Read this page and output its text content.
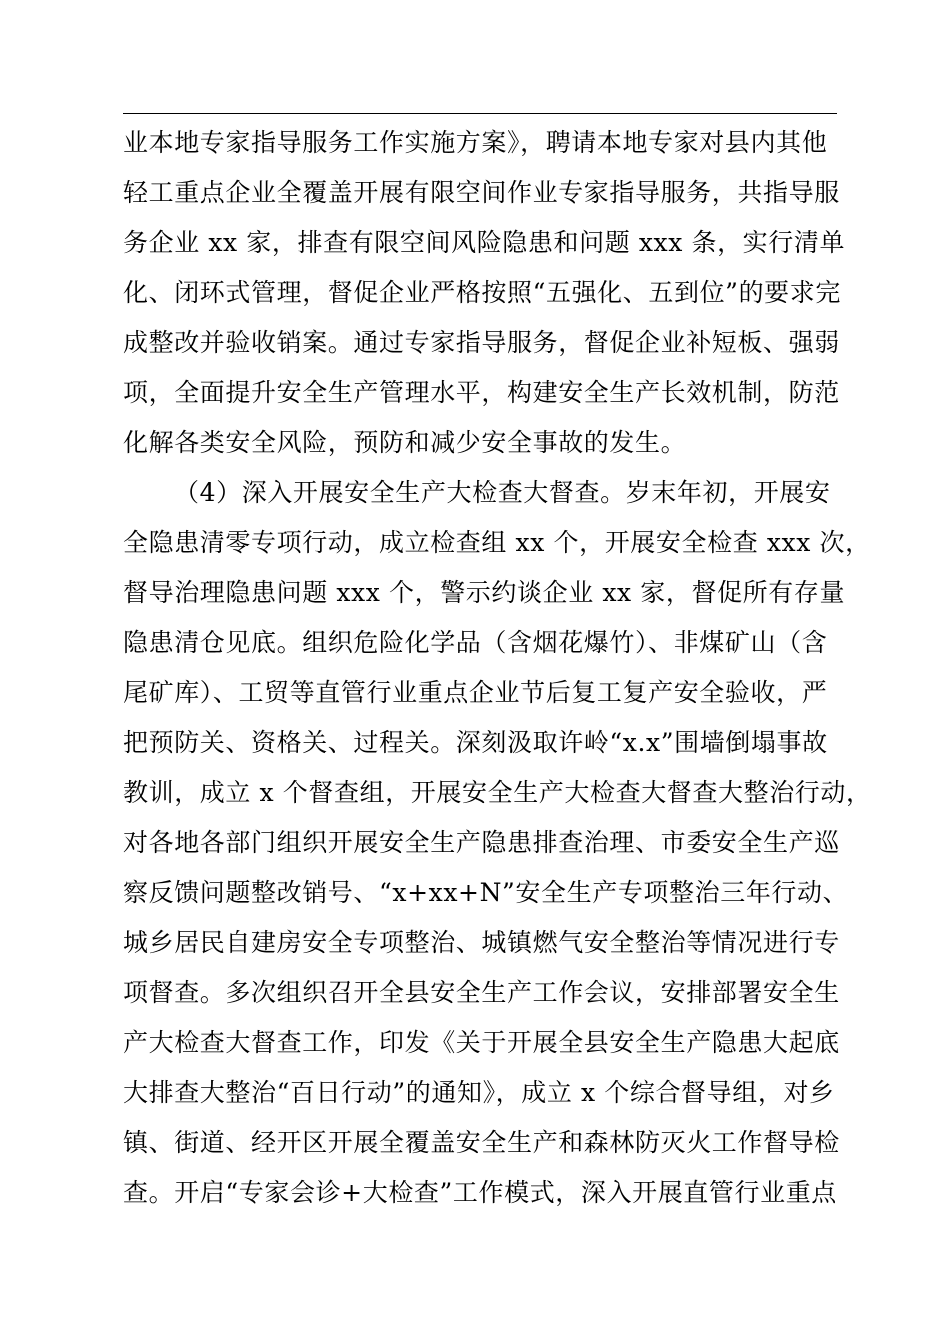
业本地专家指导服务工作实施方案》，聘请本地专家对县内其他
轻工重点企业全覆盖开展有限空间作业专家指导服务，共指导服
务企业 xx 家，排查有限空间风险隐患和问题 xxx 条，实行清单
化、闭环式管理，督促企业严格按照“五强化、五到位”的要求完
成整改并验收销案。通过专家指导服务，督促企业补短板、强弱
项，全面提升安全生产管理水平，构建安全生产长效机制，防范
化解各类安全风险，预防和减少安全事故的发生。
（4）深入开展安全生产大检查大督查。岁末年初，开展安
全隐患清零专项行动，成立检查组 xx 个，开展安全检查 xxx 次，
督导治理隐患问题 xxx 个，警示约谈企业 xx 家，督促所有存量
隐患清仓见底。组织危险化学品（含烟花爆竹）、非煤矿山（含
尾矿库）、工贸等直管行业重点企业节后复工复产安全验收，严
把预防关、资格关、过程关。深刻汲取许岭“x.x”围墙倒塌事故
教训，成立 x 个督查组，开展安全生产大检查大督查大整治行动，
对各地各部门组织开展安全生产隐患排查治理、市委安全生产巡
察反馈问题整改销号、“x+xx+N”安全生产专项整治三年行动、
城乡居民自建房安全专项整治、城镇燃气安全整治等情况进行专
项督查。多次组织召开全县安全生产工作会议，安排部署安全生
产大检查大督查工作，印发《关于开展全县安全生产隐患大起底
大排查大整治“百日行动”的通知》，成立 x 个综合督导组，对乡
镇、街道、经开区开展全覆盖安全生产和森林防灭火工作督导检
查。开启“专家会诊+大检查”工作模式，深入开展直管行业重点
